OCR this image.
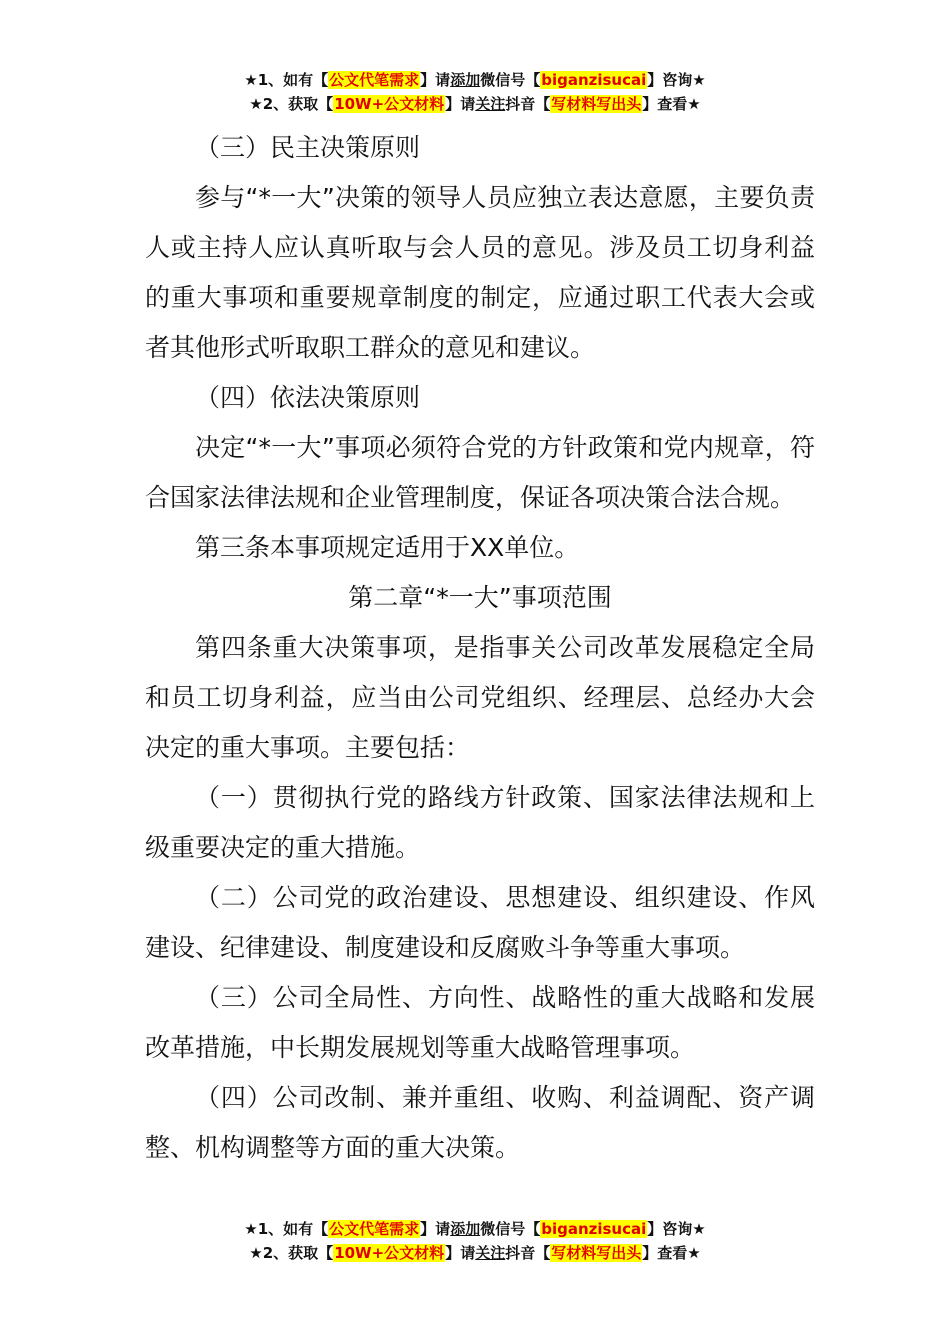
★1、如有【公文代笔需求】请添加微信号【biganzisucai】咨询★
★2、获取【10W+公文材料】请关注抖音【写材料写出头】查看★

（三）民主决策原则

参与“*一大”决策的领导人员应独立表达意愿，主要负责人或主持人应认真听取与会人员的意见。涉及员工切身利益的重大事项和重要规章制度的制定，应通过职工代表大会或者其他形式听取职工群众的意见和建议。

（四）依法决策原则

决定“*一大”事项必须符合党的方针政策和党内规章，符合国家法律法规和企业管理制度，保证各项决策合法合规。

第三条本事项规定适用于XX单位。

第二章“*一大”事项范围

第四条重大决策事项，是指事关公司改革发展稳定全局和员工切身利益，应当由公司党组织、经理层、总经办大会决定的重大事项。主要包括：

（一）贯彻执行党的路线方针政策、国家法律法规和上级重要决定的重大措施。

（二）公司党的政治建设、思想建设、组织建设、作风建设、纪律建设、制度建设和反腐败斗争等重大事项。

（三）公司全局性、方向性、战略性的重大战略和发展改革措施，中长期发展规划等重大战略管理事项。

（四）公司改制、兼并重组、收购、利益调配、资产调整、机构调整等方面的重大决策。

★1、如有【公文代笔需求】请添加微信号【biganzisucai】咨询★
★2、获取【10W+公文材料】请关注抖音【写材料写出头】查看★
